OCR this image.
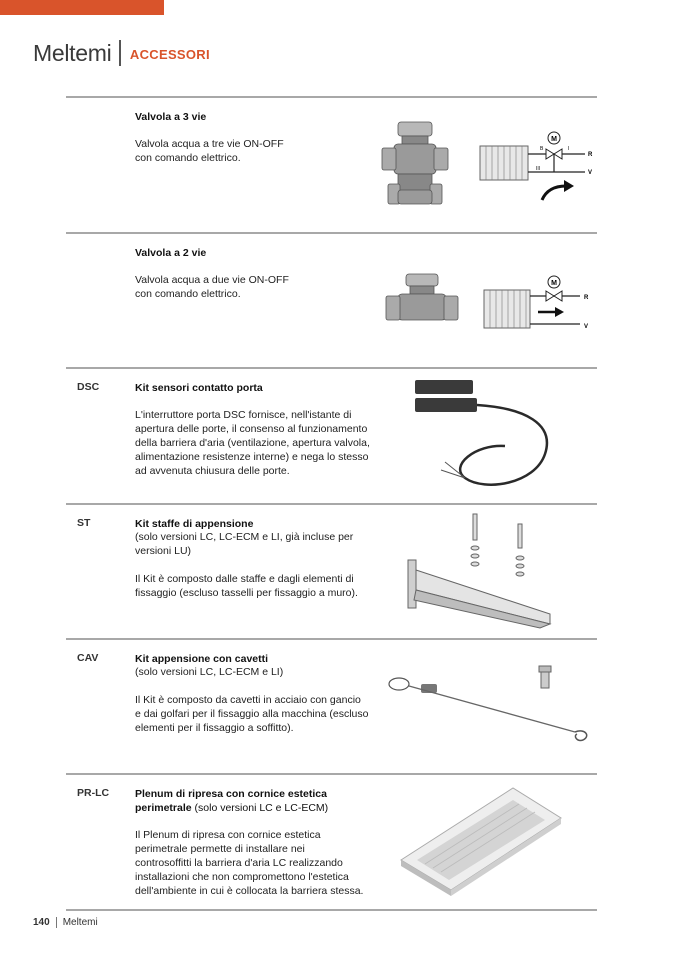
Meltemi ACCESSORI
Valvola a 3 vie
Valvola acqua a tre vie ON-OFF
con comando elettrico.
M
B	I
III
R
V
Valvola a 2 vie
Valvola acqua a due vie ON-OFF
con comando elettrico.
M
R
V
DSC	Kit sensori contatto porta
L'interruttore porta DSC fornisce, nell'istante di
apertura delle porte, il consenso al funzionamento
della barriera d'aria (ventilazione, apertura valvola,
alimentazione resistenze interne) e nega lo stesso
ad avvenuta chiusura delle porte.
ST	Kit staffe di appensione
(solo versioni LC, LC-ECM e LI, già incluse per
versioni LU)
Il Kit è composto dalle staffe e dagli elementi di
fissaggio (escluso tasselli per fissaggio a muro).
CAV	Kit appensione con cavetti
(solo versioni LC, LC-ECM e LI)
Il Kit è composto da cavetti in acciaio con gancio
e dai golfari per il fissaggio alla macchina (escluso
elementi per il fissaggio a soffitto).
PR-LC Plenum di ripresa con cornice estetica
perimetrale (solo versioni LC e LC-ECM)
Il Plenum di ripresa con cornice estetica
perimetrale permette di installare nei
controsoffitti la barriera d'aria LC realizzando
installazioni che non compromettono l'estetica
dell'ambiente in cui è collocata la barriera stessa.
140 Meltemi
